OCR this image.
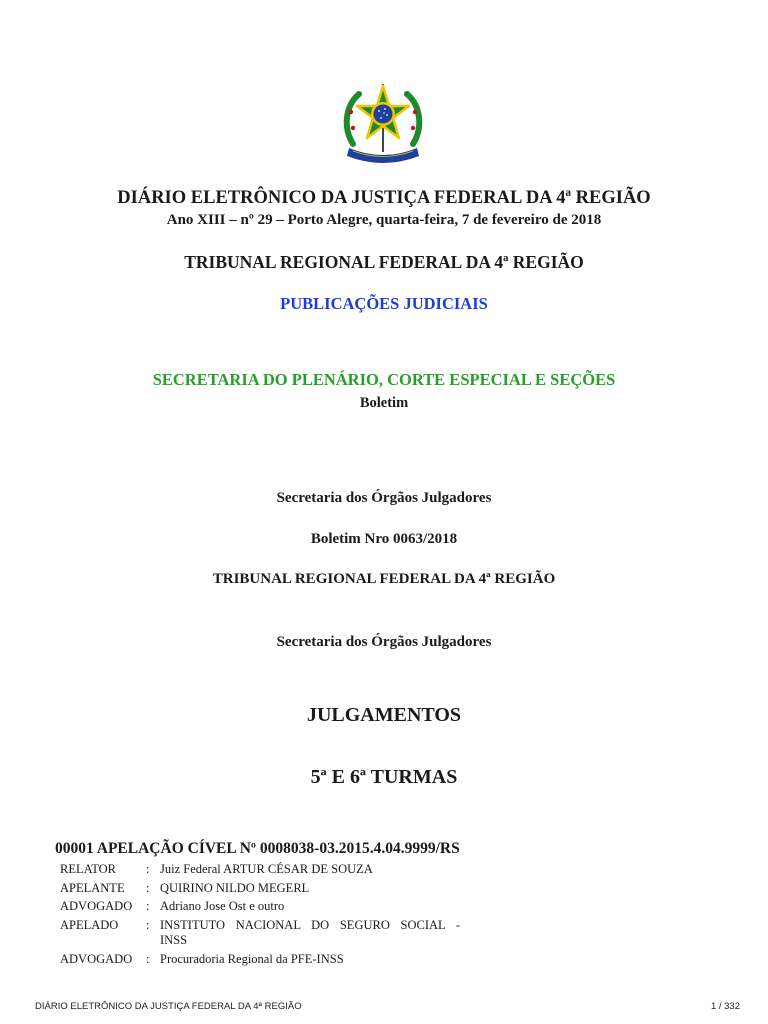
DIÁRIO ELETRÔNICO DA JUSTIÇA FEDERAL DA 4ª REGIÃO
Ano XIII – nº 29 – Porto Alegre, quarta-feira, 7 de fevereiro de 2018
TRIBUNAL REGIONAL FEDERAL DA 4ª REGIÃO
PUBLICAÇÕES JUDICIAIS
SECRETARIA DO PLENÁRIO, CORTE ESPECIAL E SEÇÕES
Boletim
Secretaria dos Órgãos Julgadores
Boletim Nro 0063/2018
TRIBUNAL REGIONAL FEDERAL DA 4ª REGIÃO
Secretaria dos Órgãos Julgadores
JULGAMENTOS
5ª E 6ª TURMAS
00001 APELAÇÃO CÍVEL Nº 0008038-03.2015.4.04.9999/RS
RELATOR	: Juiz Federal ARTUR CÉSAR DE SOUZA
APELANTE	: QUIRINO NILDO MEGERL
ADVOGADO	: Adriano Jose Ost e outro
APELADO	: INSTITUTO NACIONAL DO SEGURO SOCIAL - INSS
ADVOGADO	: Procuradoria Regional da PFE-INSS
DIÁRIO ELETRÔNICO DA JUSTIÇA FEDERAL DA 4ª REGIÃO	1 / 332
